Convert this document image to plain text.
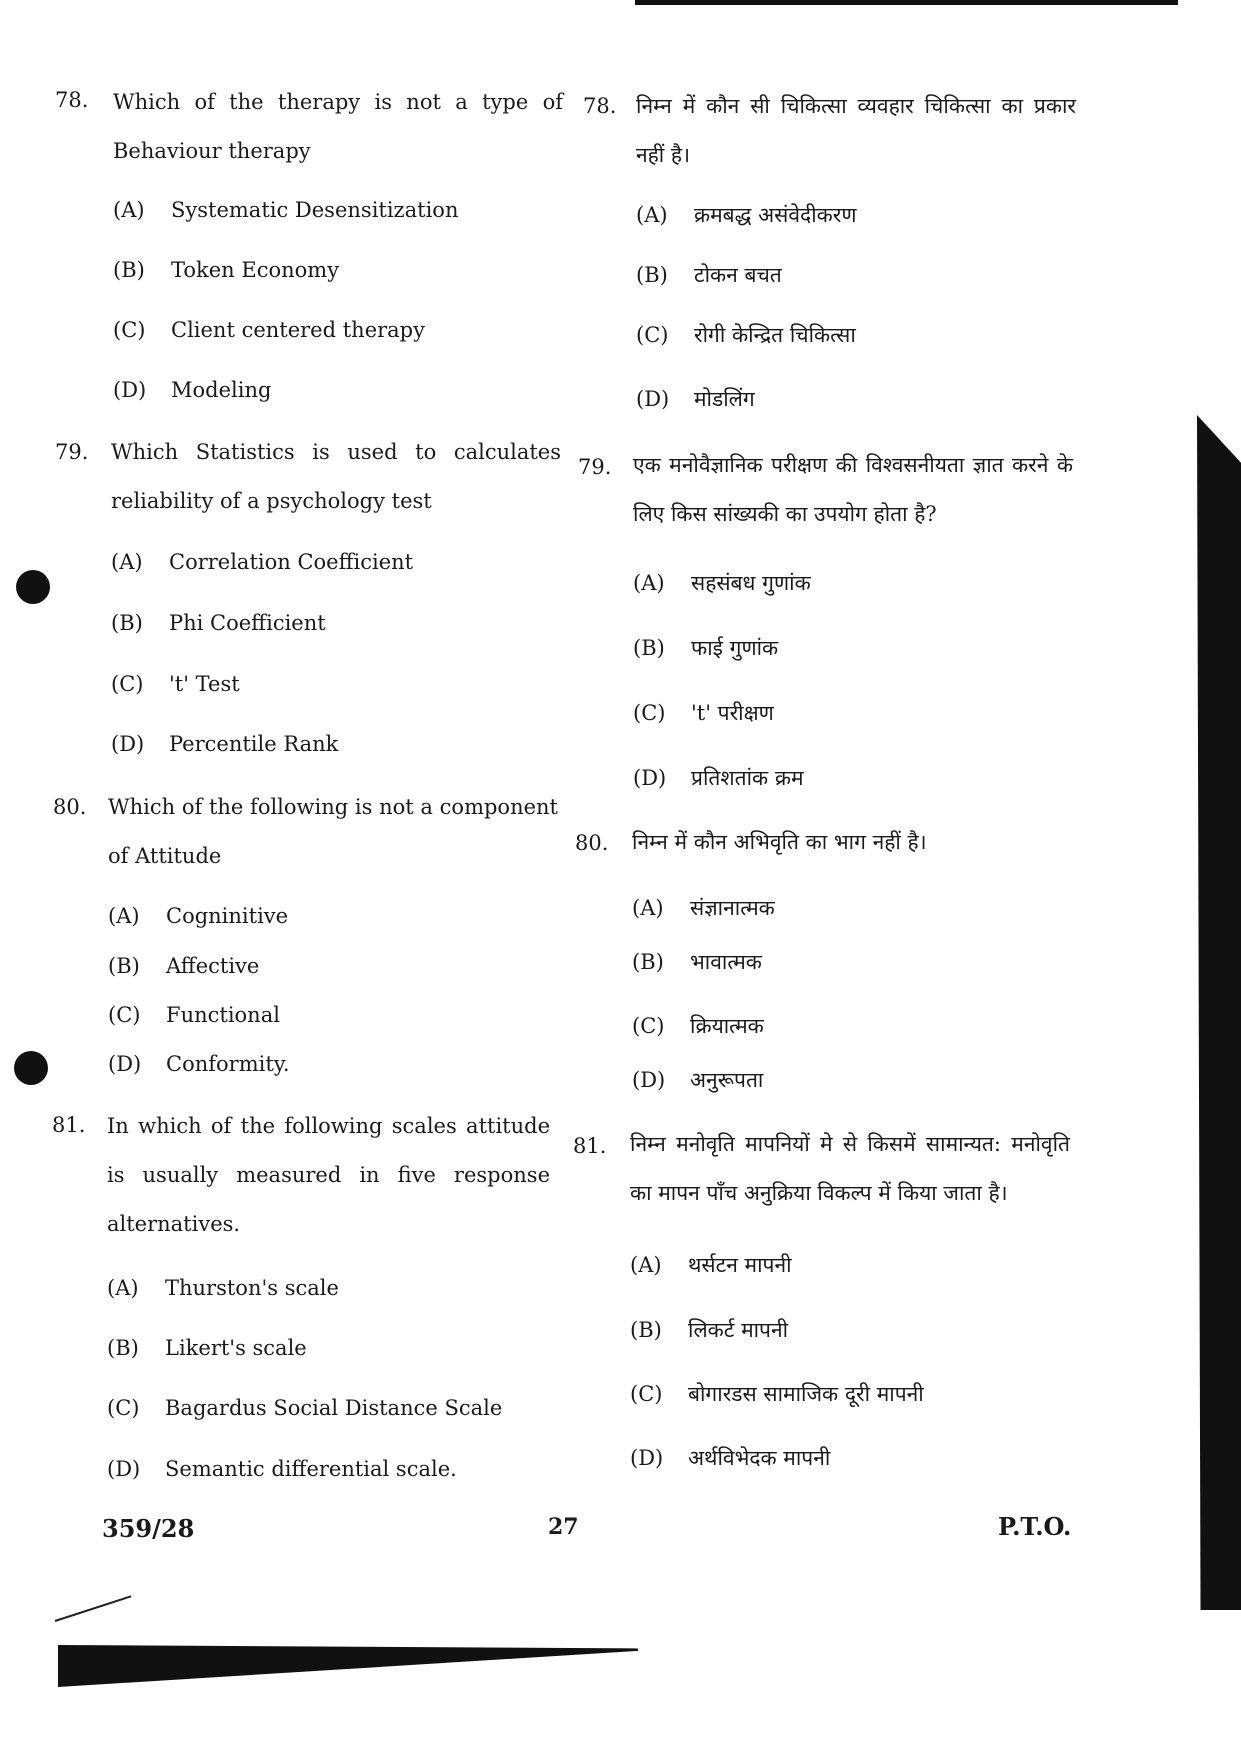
78. Which of the therapy is not a type of Behaviour therapy
(A) Systematic Desensitization
(B) Token Economy
(C) Client centered therapy
(D) Modeling
78. निम्न में कौन सी चिकित्सा व्यवहार चिकित्सा का प्रकार नहीं है।
(A) क्रमबद्ध असंवेदीकरण
(B) टोकन बचत
(C) रोगी केन्द्रित चिकित्सा
(D) मोडलिंग
79. Which Statistics is used to calculates reliability of a psychology test
(A) Correlation Coefficient
(B) Phi Coefficient
(C) 't' Test
(D) Percentile Rank
79. एक मनोवैज्ञानिक परीक्षण की विश्वसनीयता ज्ञात करने के लिए किस सांख्यकी का उपयोग होता है?
(A) सहसंबध गुणांक
(B) फाई गुणांक
(C) 't' परीक्षण
(D) प्रतिशतांक क्रम
80. Which of the following is not a component of Attitude
(A) Cogninitive
(B) Affective
(C) Functional
(D) Conformity.
80. निम्न में कौन अभिवृति का भाग नहीं है।
(A) संज्ञानात्मक
(B) भावात्मक
(C) क्रियात्मक
(D) अनुरूपता
81. In which of the following scales attitude is usually measured in five response alternatives.
(A) Thurston's scale
(B) Likert's scale
(C) Bagardus Social Distance Scale
(D) Semantic differential scale.
81. निम्न मनोवृति मापनियों मे से किसमें सामान्यत: मनोवृति का मापन पाँच अनुक्रिया विकल्प में किया जाता है।
(A) थर्सटन मापनी
(B) लिकर्ट मापनी
(C) बोगारडस सामाजिक दूरी मापनी
(D) अर्थविभेदक मापनी
359/28	27	P.T.O.
